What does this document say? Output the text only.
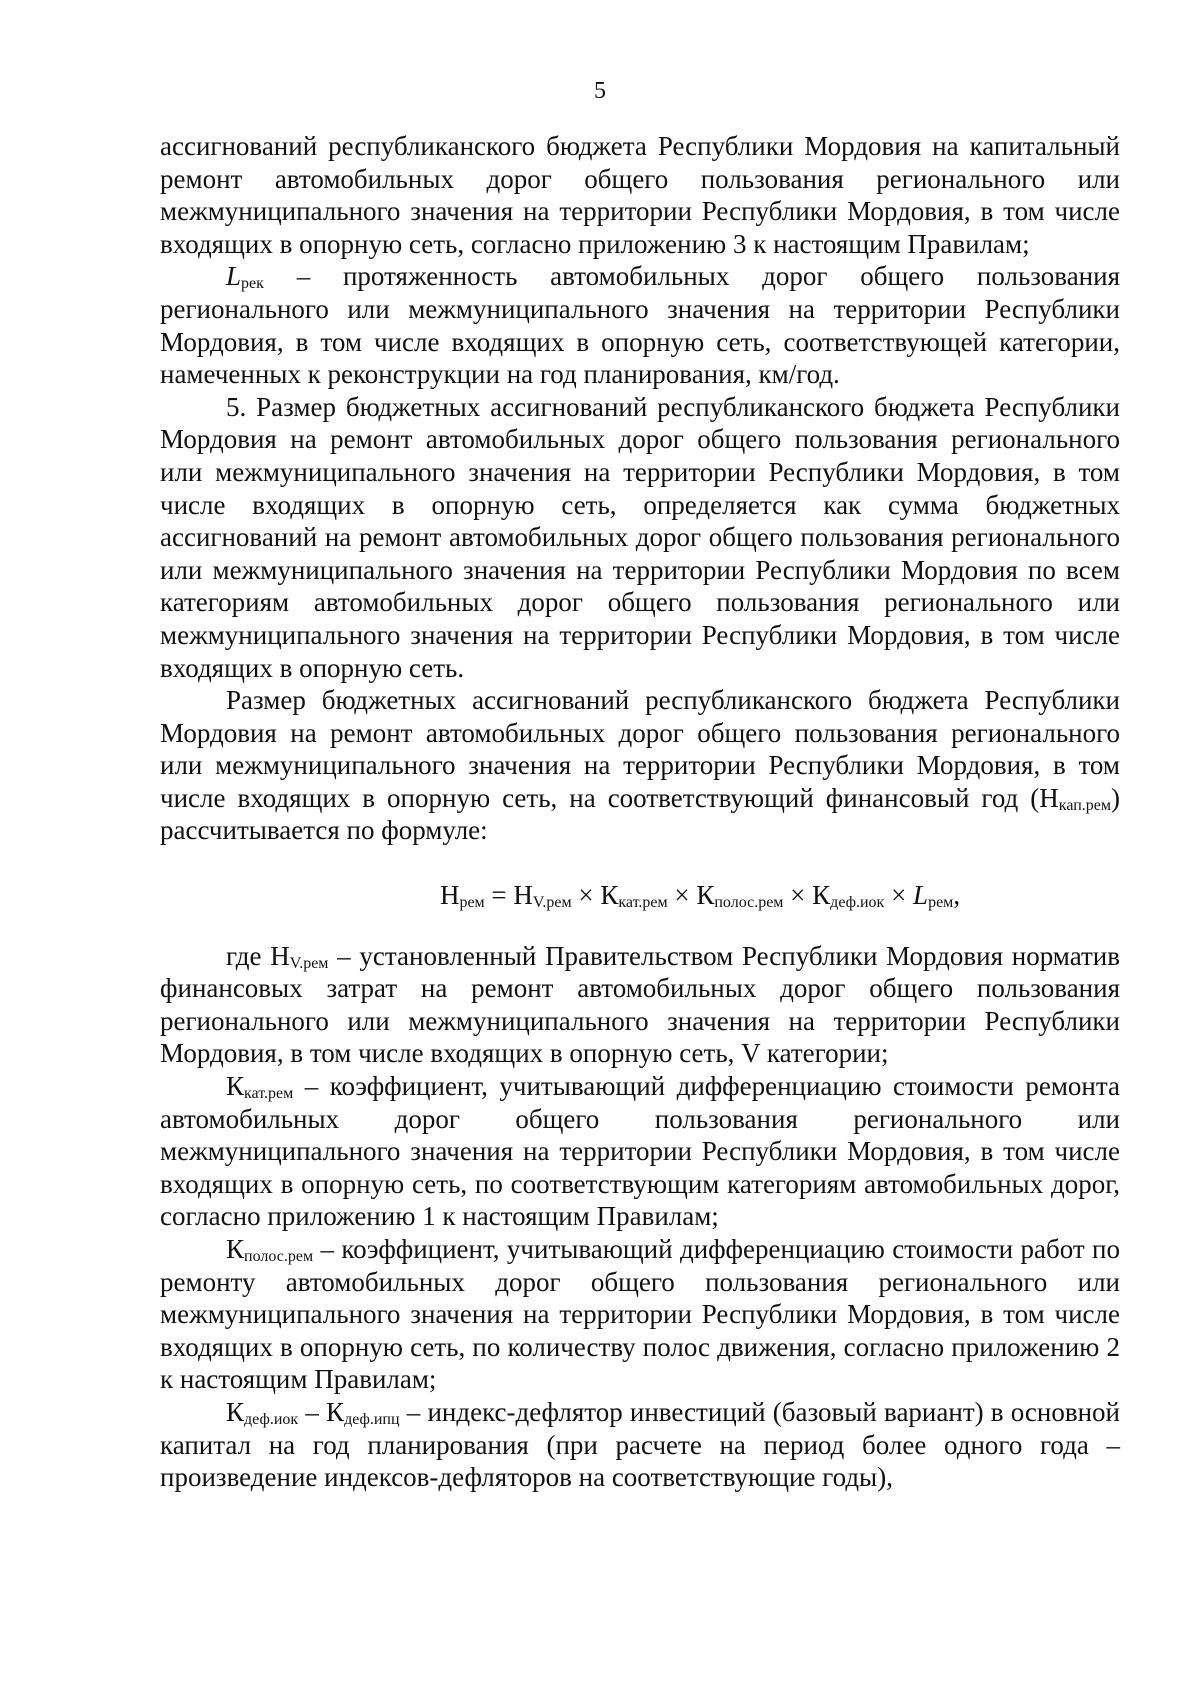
5

ассигнований республиканского бюджета Республики Мордовия на капитальный ремонт автомобильных дорог общего пользования регионального или межмуниципального значения на территории Республики Мордовия, в том числе входящих в опорную сеть, согласно приложению 3 к настоящим Правилам;

Lрек – протяженность автомобильных дорог общего пользования регионального или межмуниципального значения на территории Республики Мордовия, в том числе входящих в опорную сеть, соответствующей категории, намеченных к реконструкции на год планирования, км/год.

5. Размер бюджетных ассигнований республиканского бюджета Республики Мордовия на ремонт автомобильных дорог общего пользования регионального или межмуниципального значения на территории Республики Мордовия, в том числе входящих в опорную сеть, определяется как сумма бюджетных ассигнований на ремонт автомобильных дорог общего пользования регионального или межмуниципального значения на территории Республики Мордовия по всем категориям автомобильных дорог общего пользования регионального или межмуниципального значения на территории Республики Мордовия, в том числе входящих в опорную сеть.

Размер бюджетных ассигнований республиканского бюджета Республики Мордовия на ремонт автомобильных дорог общего пользования регионального или межмуниципального значения на территории Республики Мордовия, в том числе входящих в опорную сеть, на соответствующий финансовый год (Нкап.рем) рассчитывается по формуле:

Нрем = НV.рем × Ккат.рем × Кполос.рем × Кдеф.иок × Lрем,

где НV.рем – установленный Правительством Республики Мордовия норматив финансовых затрат на ремонт автомобильных дорог общего пользования регионального или межмуниципального значения на территории Республики Мордовия, в том числе входящих в опорную сеть, V категории;

Ккат.рем – коэффициент, учитывающий дифференциацию стоимости ремонта автомобильных дорог общего пользования регионального или межмуниципального значения на территории Республики Мордовия, в том числе входящих в опорную сеть, по соответствующим категориям автомобильных дорог, согласно приложению 1 к настоящим Правилам;

Кполос.рем – коэффициент, учитывающий дифференциацию стоимости работ по ремонту автомобильных дорог общего пользования регионального или межмуниципального значения на территории Республики Мордовия, в том числе входящих в опорную сеть, по количеству полос движения, согласно приложению 2 к настоящим Правилам;

Кдеф.иок – Кдеф.ипц – индекс-дефлятор инвестиций (базовый вариант) в основной капитал на год планирования (при расчете на период более одного года – произведение индексов-дефляторов на соответствующие годы),
